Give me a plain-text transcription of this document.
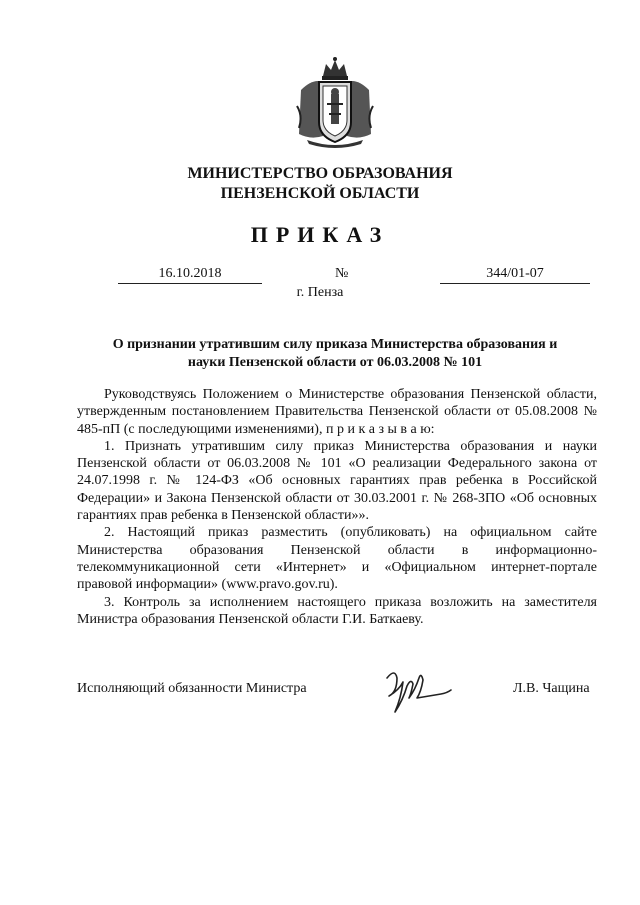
МИНИСТЕРСТВО ОБРАЗОВАНИЯ
ПЕНЗЕНСКОЙ ОБЛАСТИ
ПРИКАЗ
16.10.2018	№	344/01-07
г. Пенза
О признании утратившим силу приказа Министерства образования и
науки Пензенской области от 06.03.2008 № 101

Руководствуясь Положением о Министерстве образования Пензенской области, утвержденным постановлением Правительства Пензенской области от 05.08.2008 № 485-пП (с последующими изменениями), п р и к а з ы в а ю:

1. Признать утратившим силу приказ Министерства образования и науки Пензенской области от 06.03.2008 № 101 «О реализации Федерального закона от 24.07.1998 г. № 124-ФЗ «Об основных гарантиях прав ребенка в Российской Федерации» и Закона Пензенской области от 30.03.2001 г. № 268-ЗПО «Об основных гарантиях прав ребенка в Пензенской области»».

2. Настоящий приказ разместить (опубликовать) на официальном сайте Министерства образования Пензенской области в информационно-телекоммуникационной сети «Интернет» и «Официальном интернет-портале правовой информации» (www.pravo.gov.ru).

3. Контроль за исполнением настоящего приказа возложить на заместителя Министра образования Пензенской области Г.И. Баткаеву.

Исполняющий обязанности Министра	Л.В. Чащина
